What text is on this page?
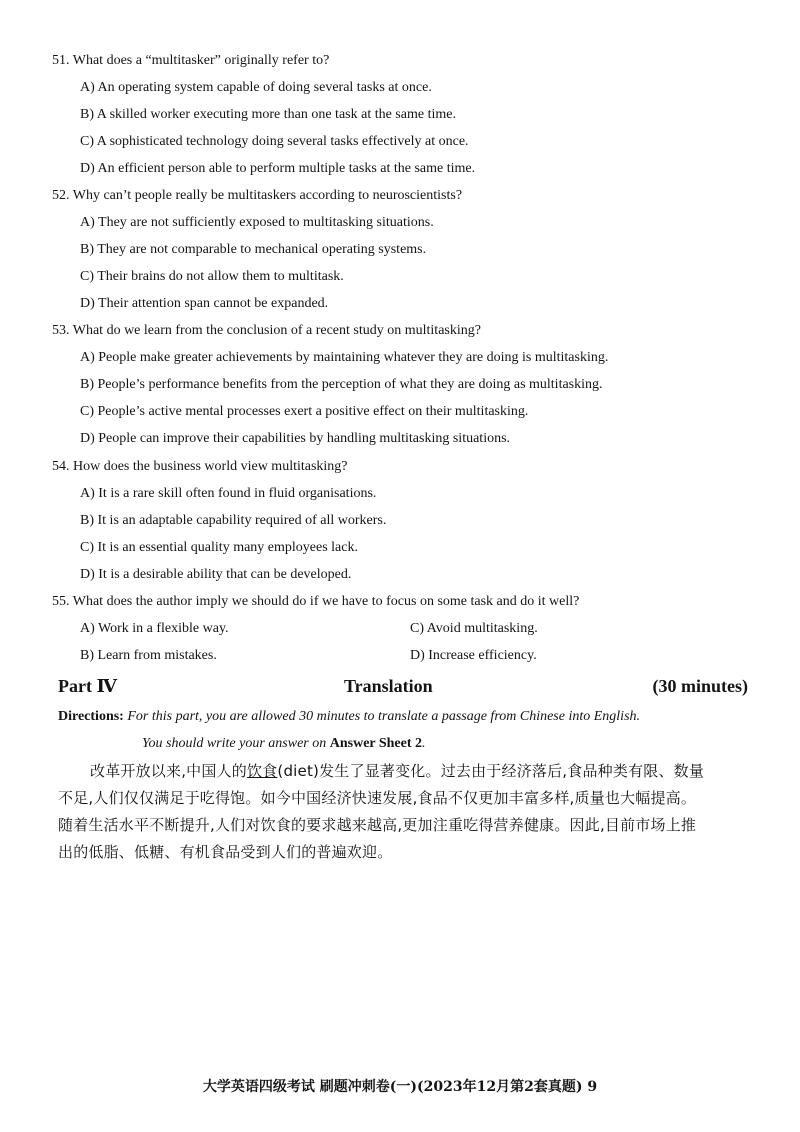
51. What does a “multitasker” originally refer to?
A) An operating system capable of doing several tasks at once.
B) A skilled worker executing more than one task at the same time.
C) A sophisticated technology doing several tasks effectively at once.
D) An efficient person able to perform multiple tasks at the same time.
52. Why can’t people really be multitaskers according to neuroscientists?
A) They are not sufficiently exposed to multitasking situations.
B) They are not comparable to mechanical operating systems.
C) Their brains do not allow them to multitask.
D) Their attention span cannot be expanded.
53. What do we learn from the conclusion of a recent study on multitasking?
A) People make greater achievements by maintaining whatever they are doing is multitasking.
B) People’s performance benefits from the perception of what they are doing as multitasking.
C) People’s active mental processes exert a positive effect on their multitasking.
D) People can improve their capabilities by handling multitasking situations.
54. How does the business world view multitasking?
A) It is a rare skill often found in fluid organisations.
B) It is an adaptable capability required of all workers.
C) It is an essential quality many employees lack.
D) It is a desirable ability that can be developed.
55. What does the author imply we should do if we have to focus on some task and do it well?
A) Work in a flexible way.	C) Avoid multitasking.
B) Learn from mistakes.	D) Increase efficiency.
Part Ⅳ	Translation	(30 minutes)
Directions: For this part, you are allowed 30 minutes to translate a passage from Chinese into English.
You should write your answer on Answer Sheet 2.
改革开放以来,中国人的饮食(diet)发生了显著变化。过去由于经济落后,食品种类有限、数量
不足,人们仅仅满足于吃得饱。如今中国经济快速发展,食品不仅更加丰富多样,质量也大幅提高。
随着生活水平不断提升,人们对饮食的要求越来越高,更加注重吃得营养健康。因此,目前市场上推
出的低脂、低糖、有机食品受到人们的普遍欢迎。
大学英语四级考试 刷题冲刺卷(一)(2023年12月第2套真题) 9
